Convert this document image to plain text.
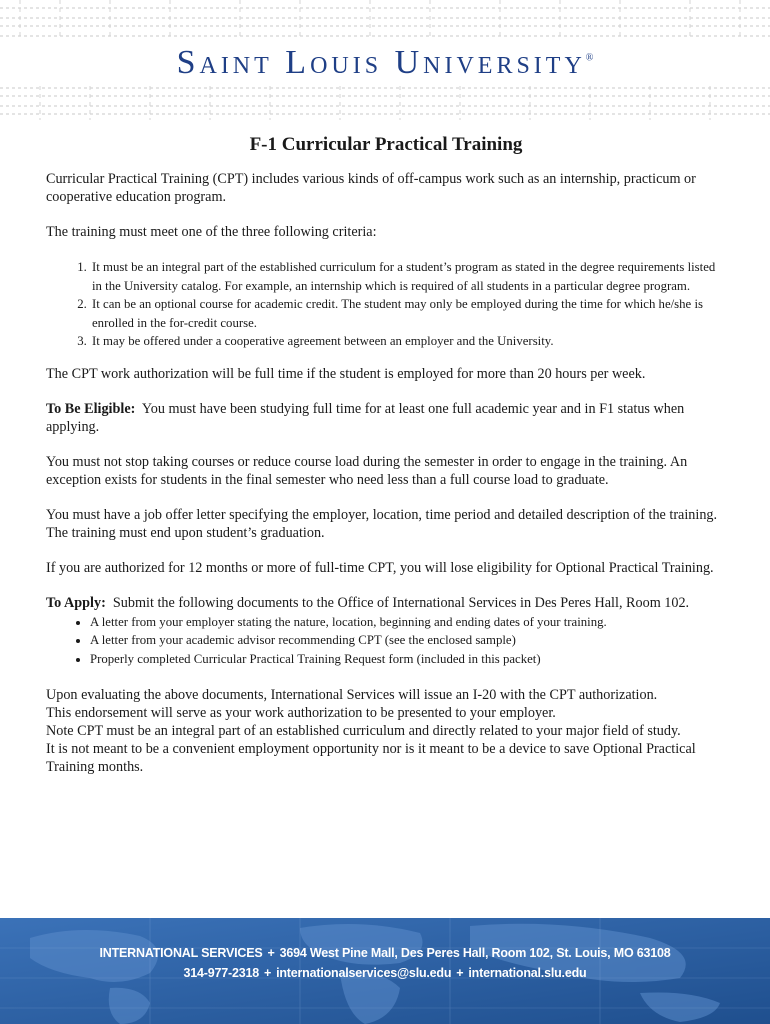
Saint Louis University®
F-1 Curricular Practical Training

Curricular Practical Training (CPT) includes various kinds of off-campus work such as an internship, practicum or cooperative education program.

The training must meet one of the three following criteria:

1. It must be an integral part of the established curriculum for a student’s program as stated in the degree requirements listed in the University catalog. For example, an internship which is required of all students in a particular degree program.
2. It can be an optional course for academic credit. The student may only be employed during the time for which he/she is enrolled in the for-credit course.
3. It may be offered under a cooperative agreement between an employer and the University.

The CPT work authorization will be full time if the student is employed for more than 20 hours per week.

To Be Eligible: You must have been studying full time for at least one full academic year and in F1 status when applying.

You must not stop taking courses or reduce course load during the semester in order to engage in the training. An exception exists for students in the final semester who need less than a full course load to graduate.

You must have a job offer letter specifying the employer, location, time period and detailed description of the training. The training must end upon student’s graduation.

If you are authorized for 12 months or more of full-time CPT, you will lose eligibility for Optional Practical Training.

To Apply: Submit the following documents to the Office of International Services in Des Peres Hall, Room 102.

• A letter from your employer stating the nature, location, beginning and ending dates of your training.
• A letter from your academic advisor recommending CPT (see the enclosed sample)
• Properly completed Curricular Practical Training Request form (included in this packet)
Upon evaluating the above documents, International Services will issue an I-20 with the CPT authorization.
This endorsement will serve as your work authorization to be presented to your employer.
Note CPT must be an integral part of an established curriculum and directly related to your major field of study.
It is not meant to be a convenient employment opportunity nor is it meant to be a device to save Optional Practical Training months.
INTERNATIONAL SERVICES + 3694 West Pine Mall, Des Peres Hall, Room 102, St. Louis, MO 63108
314-977-2318 + internationalservices@slu.edu + international.slu.edu
